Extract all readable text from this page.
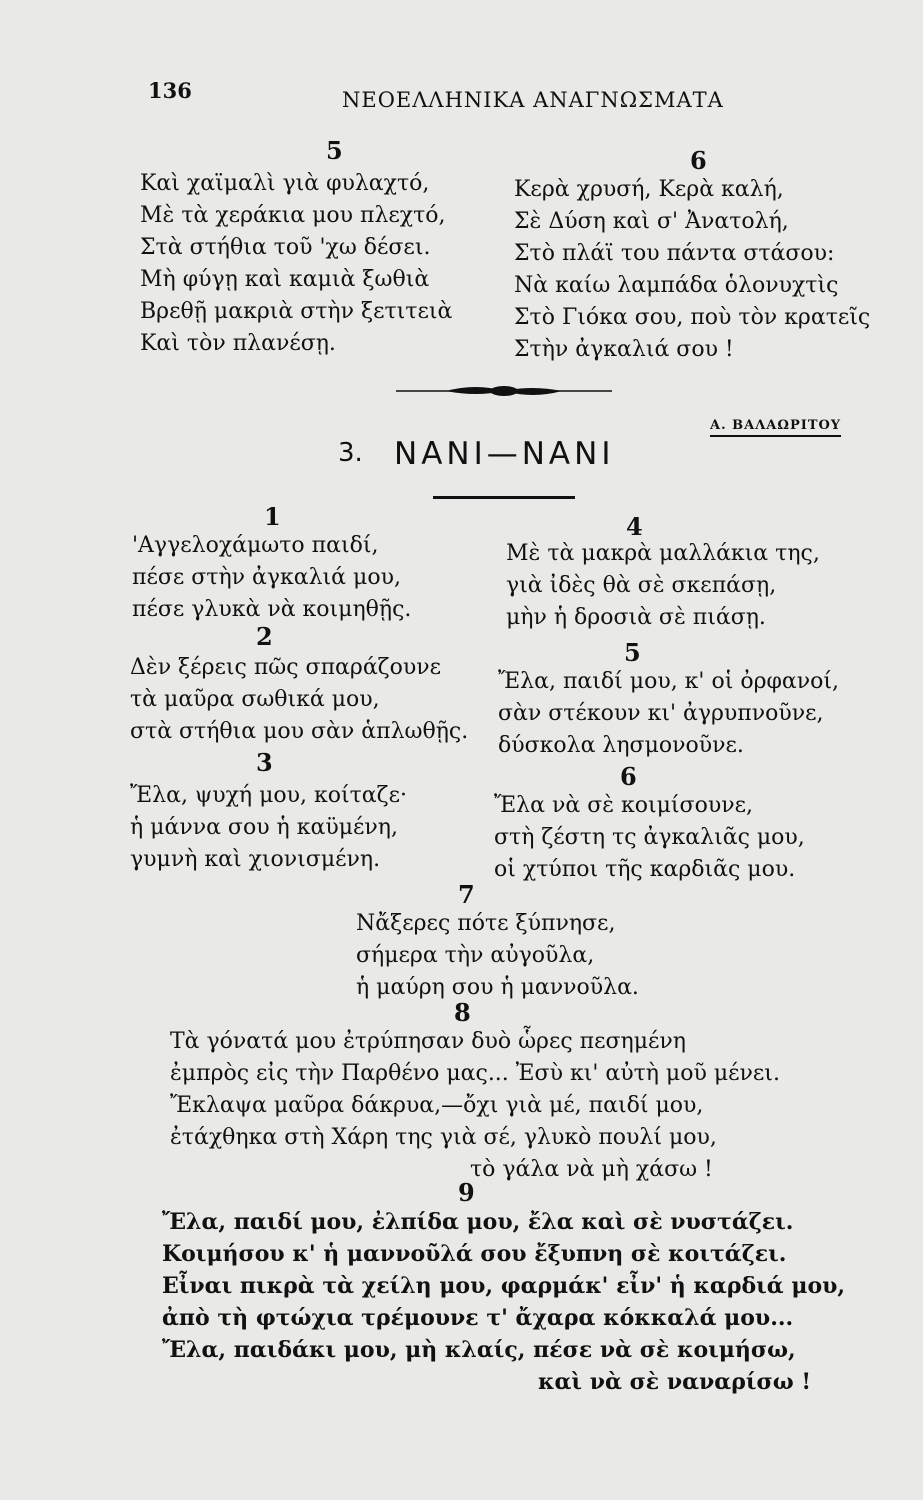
136	ΝΕΟΕΛΛΗΝΙΚΑ ΑΝΑΓΝΩΣΜΑΤΑ
5
Καὶ χαϊμαλὶ γιὰ φυλαχτό,
Μὲ τὰ χεράκια μου πλεχτό,
Στὰ στήθια τοῦ 'χω δέσει.
Μὴ φύγῃ καὶ καμιὰ ξωθιὰ
Βρεθῇ μακριὰ στὴν ξετιτειὰ
Καὶ τὸν πλανέσῃ.
6
Κερὰ χρυσή, Κερὰ καλή,
Σὲ Δύση καὶ σ' Ἀνατολή,
Στὸ πλάϊ του πάντα στάσου:
Νὰ καίω λαμπάδα ὁλονυχτὶς
Στὸ Γιόκα σου, ποὺ τὸν κρατεῖς
Στὴν ἀγκαλιά σου !
Α. ΒΑΛΑΩΡΙΤΟΥ
3. ΝΑΝΙ—ΝΑΝΙ
1
'Αγγελοχάμωτο παιδί,
πέσε στὴν ἀγκαλιά μου,
πέσε γλυκὰ νὰ κοιμηθῇς.
2
Δὲν ξέρεις πῶς σπαράζουνε
τὰ μαῦρα σωθικά μου,
στὰ στήθια μου σὰν ἁπλωθῇς.
3
Ἔλα, ψυχή μου, κοίταζε·
ἡ μάννα σου ἡ καϋμένη,
γυμνὴ καὶ χιονισμένη.
4
Μὲ τὰ μακρὰ μαλλάκια της,
γιὰ ἰδὲς θὰ σὲ σκεπάσῃ,
μὴν ἡ δροσιὰ σὲ πιάσῃ.
5
Ἔλα, παιδί μου, κ' οἱ ὀρφανοί,
σὰν στέκουν κι' ἀγρυπνοῦνε,
δύσκολα λησμονοῦνε.
6
Ἔλα νὰ σὲ κοιμίσουνε,
στὴ ζέστη τς ἀγκαλιᾶς μου,
οἱ χτύποι τῆς καρδιᾶς μου.
7
Νἄξερες πότε ξύπνησε,
σήμερα τὴν αὐγοῦλα,
ἡ μαύρη σου ἡ μαννοῦλα.
8
Τὰ γόνατά μου ἐτρύπησαν δυὸ ὧρες πεσημένη
ἐμπρὸς εἰς τὴν Παρθένο μας... Ἐσὺ κι' αὐτὴ μοῦ μένει.
Ἔκλαψα μαῦρα δάκρυα,—ὄχι γιὰ μέ, παιδί μου,
ἐτάχθηκα στὴ Χάρη της γιὰ σέ, γλυκὸ πουλί μου,
τὸ γάλα νὰ μὴ χάσω !
9
Ἔλα, παιδί μου, ἐλπίδα μου, ἔλα καὶ σὲ νυστάζει.
Κοιμήσου κ' ἡ μαννοῦλά σου ἔξυπνη σὲ κοιτάζει.
Εἶναι πικρὰ τὰ χείλη μου, φαρμάκ' εἶν' ἡ καρδιά μου,
ἀπὸ τὴ φτώχια τρέμουνε τ' ἄχαρα κόκκαλά μου...
Ἔλα, παιδάκι μου, μὴ κλαίς, πέσε νὰ σὲ κοιμήσω,
καὶ νὰ σὲ ναναρίσω !
